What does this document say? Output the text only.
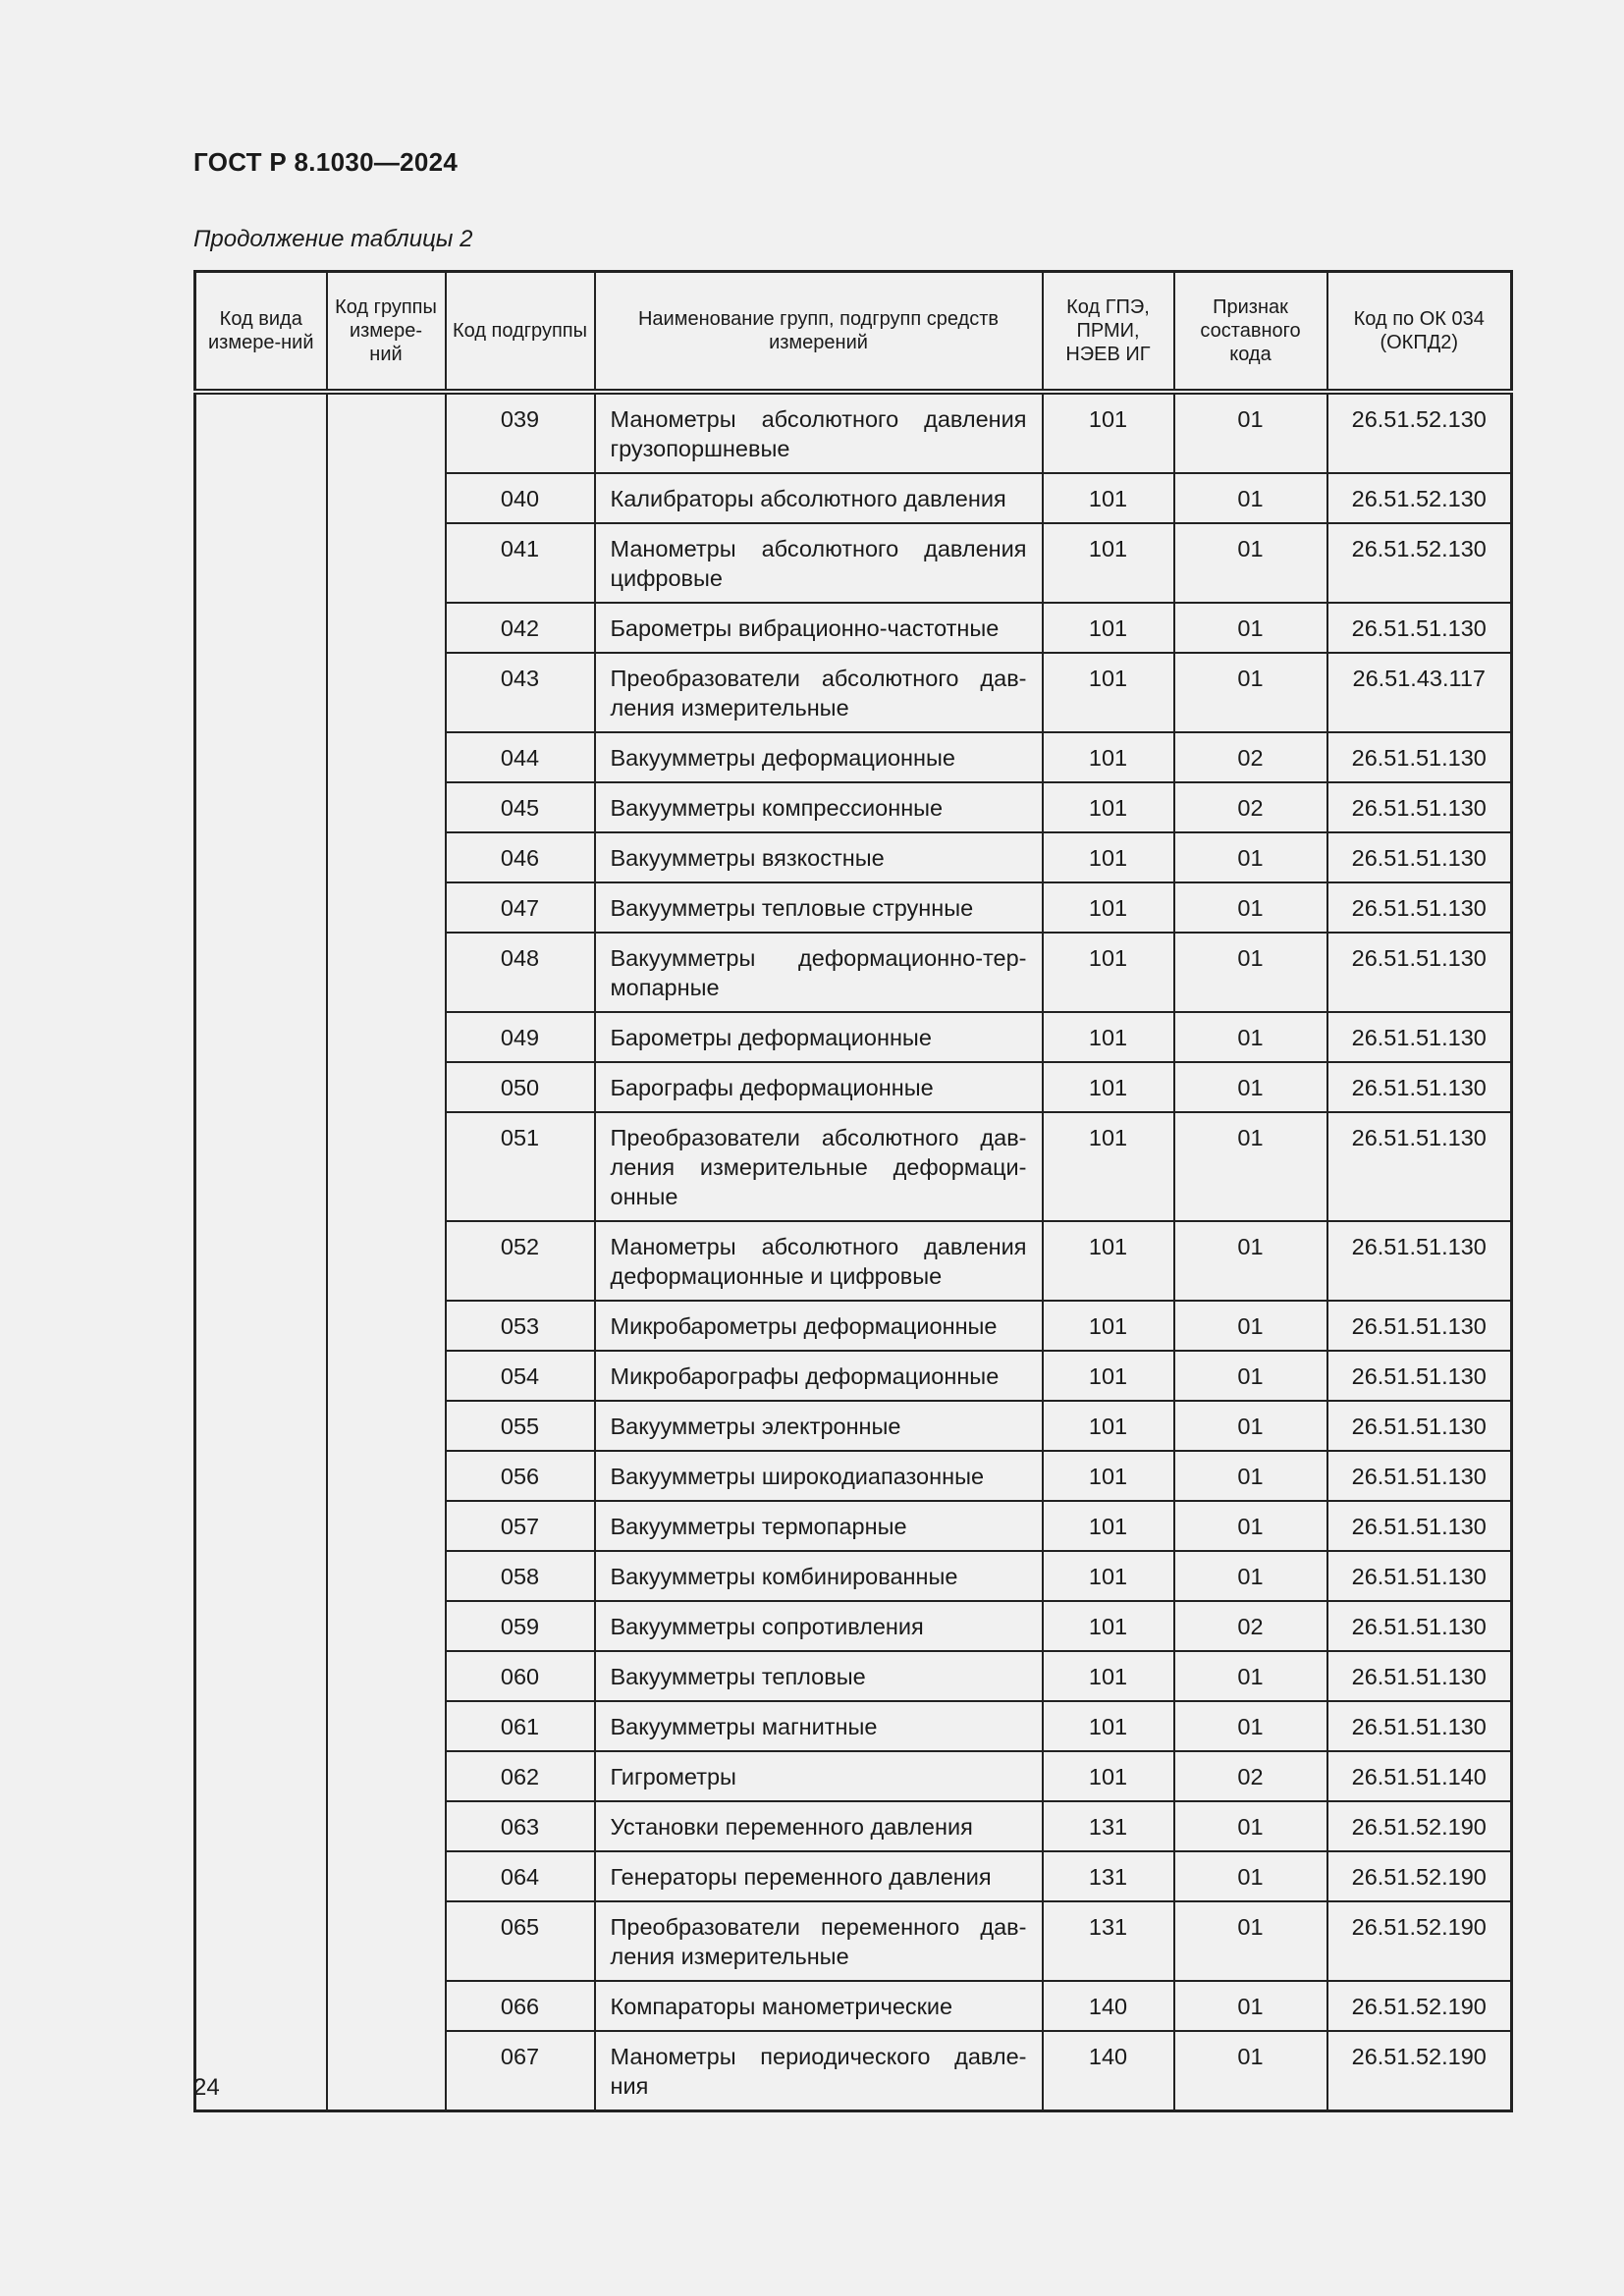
ГОСТ Р 8.1030—2024
Продолжение таблицы 2
Код вида измере-ний	Код группы измере-ний	Код подгруппы	Наименование групп, подгрупп средств измерений	Код ГПЭ, ПРМИ, НЭЕВ ИГ	Признак составного кода	Код по ОК 034 (ОКПД2)
		039	Манометры абсолютного давления грузопоршневые	101	01	26.51.52.130
		040	Калибраторы абсолютного давления	101	01	26.51.52.130
		041	Манометры абсолютного давления цифровые	101	01	26.51.52.130
		042	Барометры вибрационно-частотные	101	01	26.51.51.130
		043	Преобразователи абсолютного дав-ления измерительные	101	01	26.51.43.117
		044	Вакуумметры деформационные	101	02	26.51.51.130
		045	Вакуумметры компрессионные	101	02	26.51.51.130
		046	Вакуумметры вязкостные	101	01	26.51.51.130
		047	Вакуумметры тепловые струнные	101	01	26.51.51.130
		048	Вакуумметры деформационно-тер-мопарные	101	01	26.51.51.130
		049	Барометры деформационные	101	01	26.51.51.130
		050	Барографы деформационные	101	01	26.51.51.130
		051	Преобразователи абсолютного дав-ления измерительные деформаци-онные	101	01	26.51.51.130
		052	Манометры абсолютного давления деформационные и цифровые	101	01	26.51.51.130
		053	Микробарометры деформационные	101	01	26.51.51.130
		054	Микробарографы деформационные	101	01	26.51.51.130
		055	Вакуумметры электронные	101	01	26.51.51.130
		056	Вакуумметры широкодиапазонные	101	01	26.51.51.130
		057	Вакуумметры термопарные	101	01	26.51.51.130
		058	Вакуумметры комбинированные	101	01	26.51.51.130
		059	Вакуумметры сопротивления	101	02	26.51.51.130
		060	Вакуумметры тепловые	101	01	26.51.51.130
		061	Вакуумметры магнитные	101	01	26.51.51.130
		062	Гигрометры	101	02	26.51.51.140
		063	Установки переменного давления	131	01	26.51.52.190
		064	Генераторы переменного давления	131	01	26.51.52.190
		065	Преобразователи переменного дав-ления измерительные	131	01	26.51.52.190
		066	Компараторы манометрические	140	01	26.51.52.190
		067	Манометры периодического давле-ния	140	01	26.51.52.190
24
